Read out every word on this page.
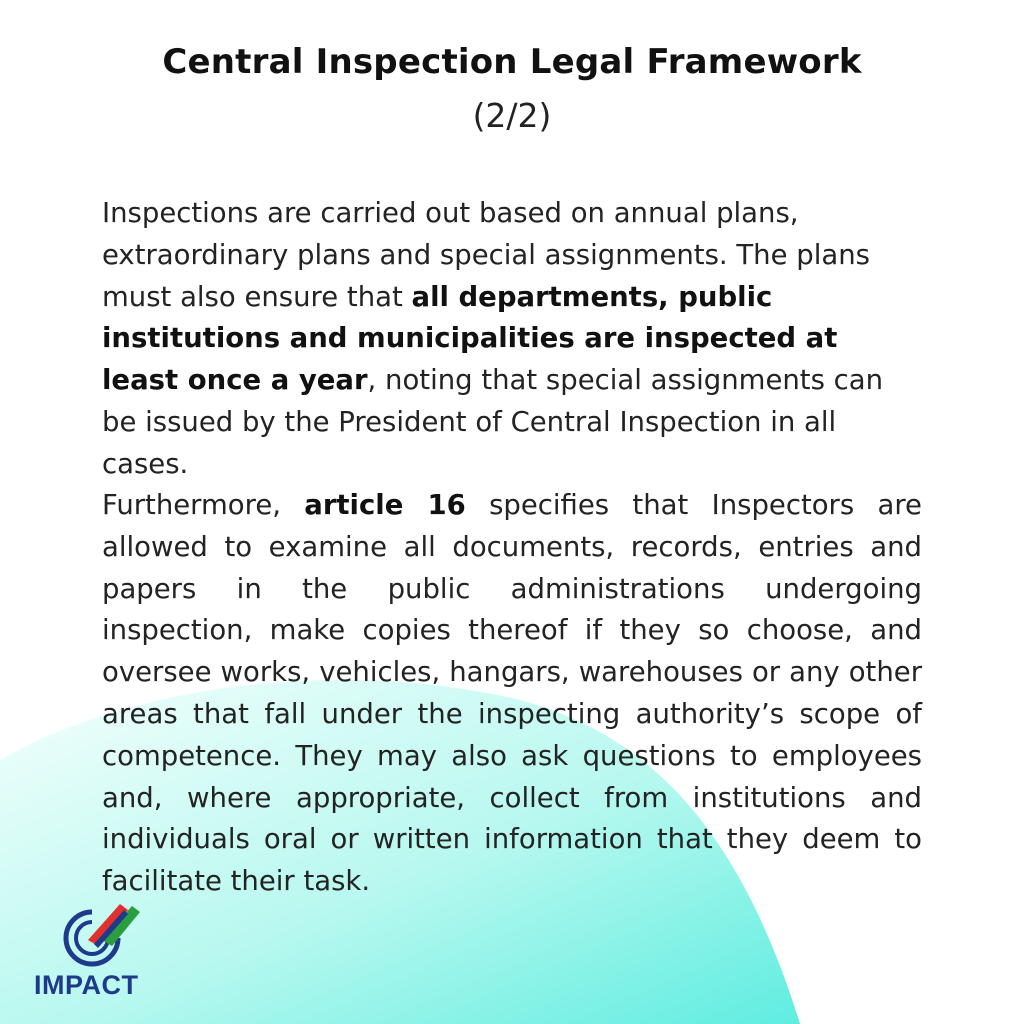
Central Inspection Legal Framework
(2/2)

Inspections are carried out based on annual plans, extraordinary plans and special assignments. The plans must also ensure that all departments, public institutions and municipalities are inspected at least once a year, noting that special assignments can be issued by the President of Central Inspection in all cases.

Furthermore, article 16 specifies that Inspectors are allowed to examine all documents, records, entries and papers in the public administrations undergoing inspection, make copies thereof if they so choose, and oversee works, vehicles, hangars, warehouses or any other areas that fall under the inspecting authority’s scope of competence. They may also ask questions to employees and, where appropriate, collect from institutions and individuals oral or written information that they deem to facilitate their task.

IMPACT
